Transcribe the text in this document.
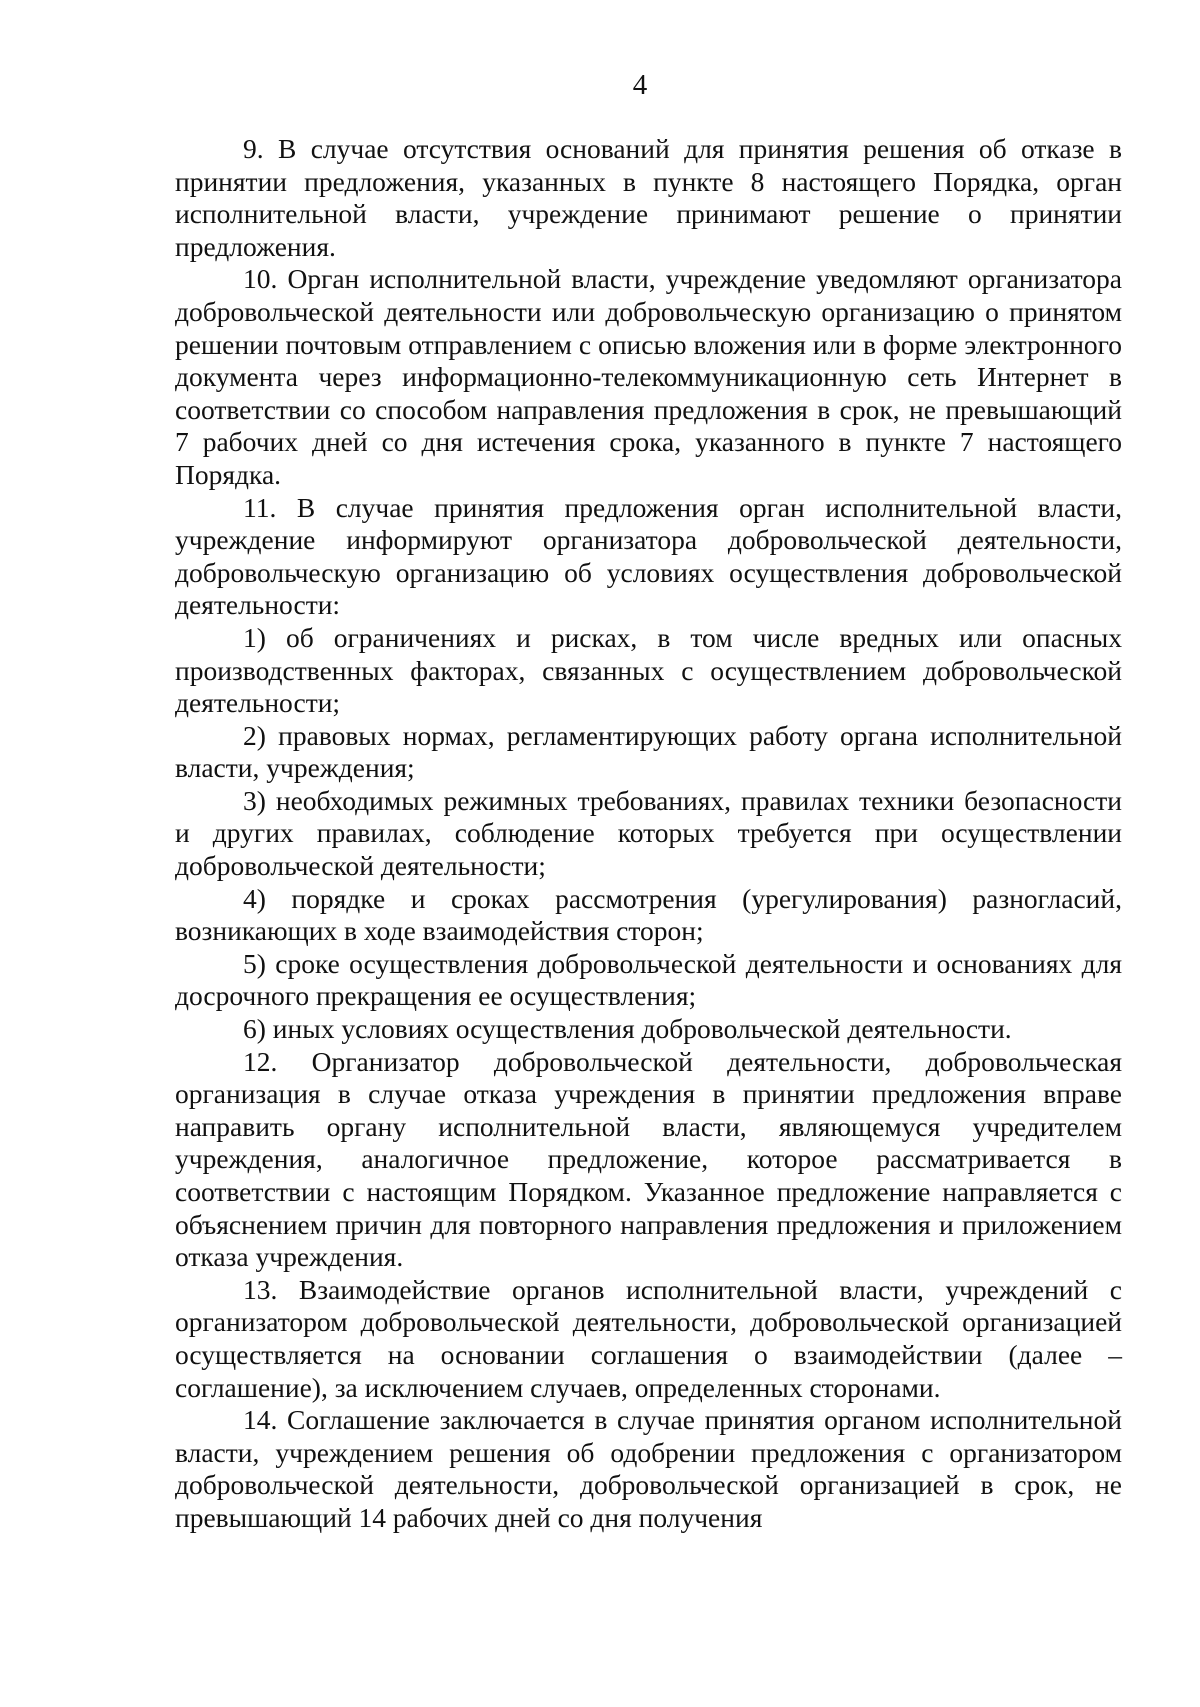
4

9. В случае отсутствия оснований для принятия решения об отказе в принятии предложения, указанных в пункте 8 настоящего Порядка, орган исполнительной власти, учреждение принимают решение о принятии предложения.

10. Орган исполнительной власти, учреждение уведомляют организатора добровольческой деятельности или добровольческую организацию о принятом решении почтовым отправлением с описью вложения или в форме электронного документа через информационно-телекоммуникационную сеть Интернет в соответствии со способом направления предложения в срок, не превышающий 7 рабочих дней со дня истечения срока, указанного в пункте 7 настоящего Порядка.

11. В случае принятия предложения орган исполнительной власти, учреждение информируют организатора добровольческой деятельности, добровольческую организацию об условиях осуществления добровольческой деятельности:

1) об ограничениях и рисках, в том числе вредных или опасных производственных факторах, связанных с осуществлением добровольческой деятельности;

2) правовых нормах, регламентирующих работу органа исполнительной власти, учреждения;

3) необходимых режимных требованиях, правилах техники безопасности и других правилах, соблюдение которых требуется при осуществлении добровольческой деятельности;

4) порядке и сроках рассмотрения (урегулирования) разногласий, возникающих в ходе взаимодействия сторон;

5) сроке осуществления добровольческой деятельности и основаниях для досрочного прекращения ее осуществления;

6) иных условиях осуществления добровольческой деятельности.

12. Организатор добровольческой деятельности, добровольческая организация в случае отказа учреждения в принятии предложения вправе направить органу исполнительной власти, являющемуся учредителем учреждения, аналогичное предложение, которое рассматривается в соответствии с настоящим Порядком. Указанное предложение направляется с объяснением причин для повторного направления предложения и приложением отказа учреждения.

13. Взаимодействие органов исполнительной власти, учреждений с организатором добровольческой деятельности, добровольческой организацией осуществляется на основании соглашения о взаимодействии (далее – соглашение), за исключением случаев, определенных сторонами.

14. Соглашение заключается в случае принятия органом исполнительной власти, учреждением решения об одобрении предложения с организатором добровольческой деятельности, добровольческой организацией в срок, не превышающий 14 рабочих дней со дня получения
